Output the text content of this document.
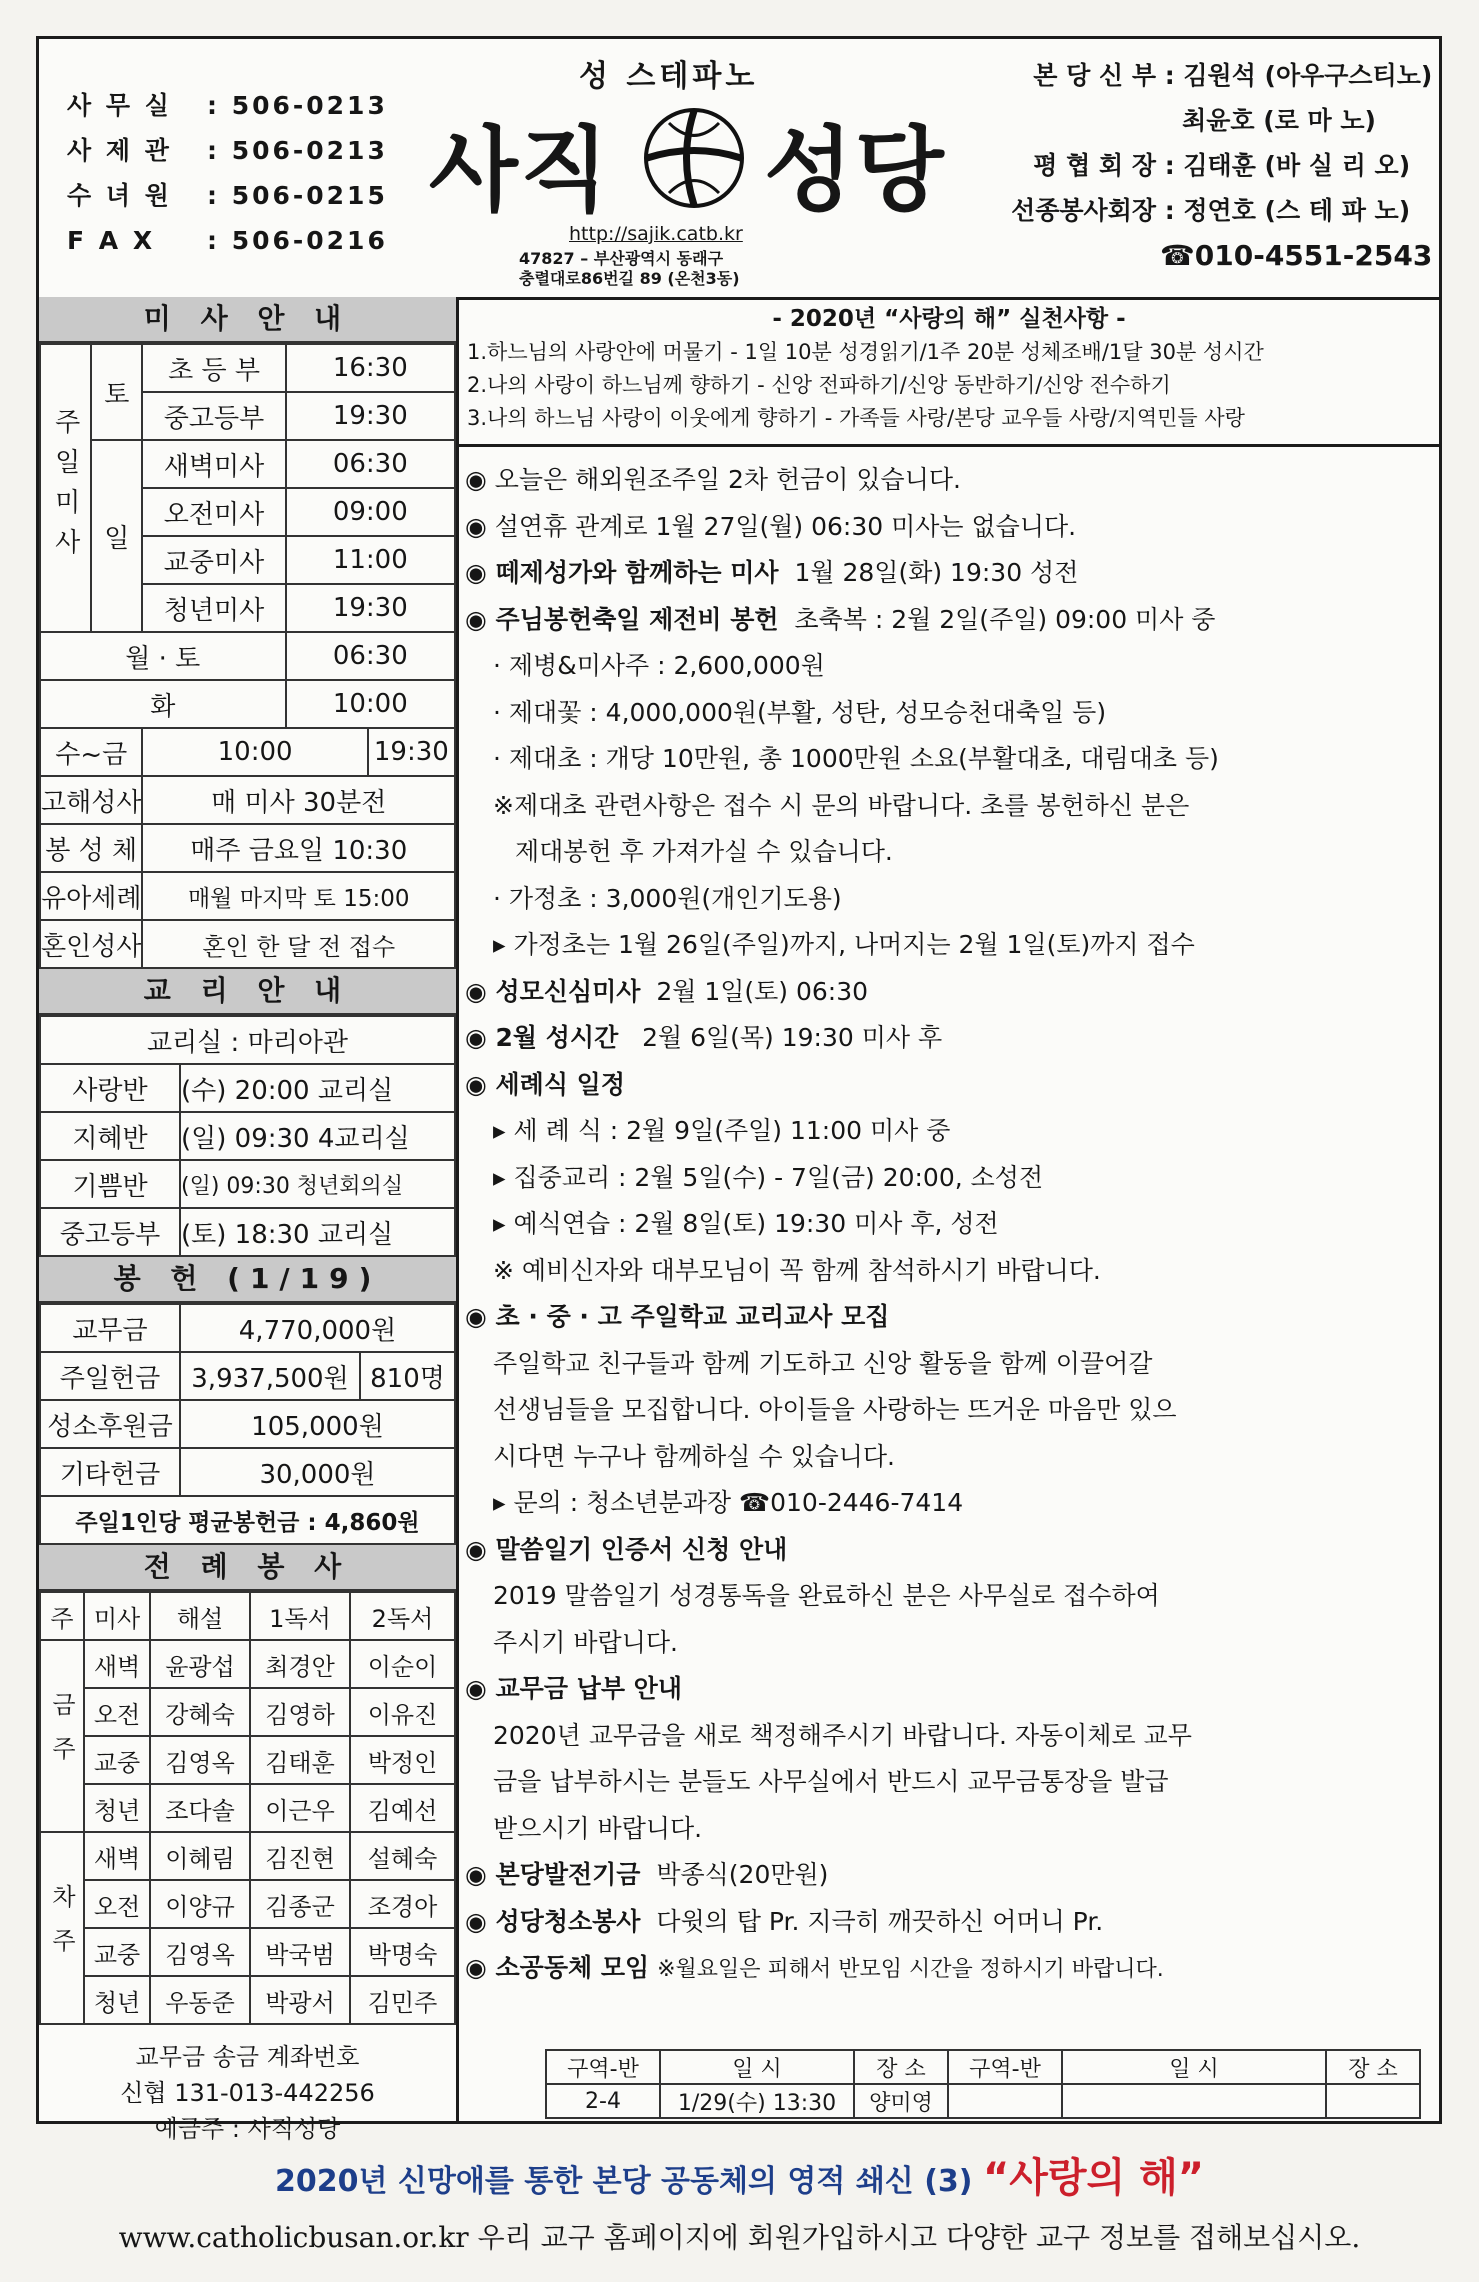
사 무 실 : 506-0213
사 제 관 : 506-0213
수 녀 원 : 506-0215
F A X : 506-0216
성 스테파노
사직 성당
http://sajik.catb.kr
47827 – 부산광역시 동래구
충렬대로86번길 89 (온천3동)
본 당 신 부 : 김원석 (아우구스티노)
최윤호 (로 마 노)
평 협 회 장 : 김태훈 (바 실 리 오)
선종봉사회장 : 정연호 (스 테 파 노)
☎010-4551-2543
미 사 안 내
주일미사	토	초 등 부	16:30	
		중고등부	19:30	
	일	새벽미사	06:30	
		오전미사	09:00	
		교중미사	11:00	
		청년미사	19:30	
월 · 토			06:30	
화			10:00	
수~금		10:00		19:30
고해성사		매 미사 30분전		
봉 성 체		매주 금요일 10:30		
유아세례		매월 마지막 토 15:00		
혼인성사		혼인 한 달 전 접수		
교 리 안 내
교리실 : 마리아관	
사랑반	(수) 20:00 교리실
지혜반	(일) 09:30 4교리실
기쁨반	(일) 09:30 청년회의실
중고등부	(토) 18:30 교리실
봉 헌 (1/19)
교무금	4,770,000원	
주일헌금	3,937,500원	810명
성소후원금	105,000원	
기타헌금	30,000원	
주일1인당 평균봉헌금 : 4,860원		
전 례 봉 사
주	미사	해설	1독서	2독서
금주	새벽	윤광섭	최경안	이순이
	오전	강혜숙	김영하	이유진
	교중	김영옥	김태훈	박정인
	청년	조다솔	이근우	김예선
차주	새벽	이혜림	김진현	설혜숙
	오전	이양규	김종군	조경아
	교중	김영옥	박국범	박명숙
	청년	우동준	박광서	김민주
교무금 송금 계좌번호
신협 131-013-442256
예금주 : 사직성당
- 2020년 “사랑의 해” 실천사항 -
1.하느님의 사랑안에 머물기 - 1일 10분 성경읽기/1주 20분 성체조배/1달 30분 성시간
2.나의 사랑이 하느님께 향하기 - 신앙 전파하기/신앙 동반하기/신앙 전수하기
3.나의 하느님 사랑이 이웃에게 향하기 - 가족들 사랑/본당 교우들 사랑/지역민들 사랑
◉ 오늘은 해외원조주일 2차 헌금이 있습니다.
◉ 설연휴 관계로 1월 27일(월) 06:30 미사는 없습니다.
◉ 떼제성가와 함께하는 미사 1월 28일(화) 19:30 성전
◉ 주님봉헌축일 제전비 봉헌 초축복 : 2월 2일(주일) 09:00 미사 중
· 제병&미사주 : 2,600,000원
· 제대꽃 : 4,000,000원(부활, 성탄, 성모승천대축일 등)
· 제대초 : 개당 10만원, 총 1000만원 소요(부활대초, 대림대초 등)
※제대초 관련사항은 접수 시 문의 바랍니다. 초를 봉헌하신 분은
제대봉헌 후 가져가실 수 있습니다.
· 가정초 : 3,000원(개인기도용)
▸ 가정초는 1월 26일(주일)까지, 나머지는 2월 1일(토)까지 접수
◉ 성모신심미사 2월 1일(토) 06:30
◉ 2월 성시간 2월 6일(목) 19:30 미사 후
◉ 세례식 일정
▸ 세 례 식 : 2월 9일(주일) 11:00 미사 중
▸ 집중교리 : 2월 5일(수) - 7일(금) 20:00, 소성전
▸ 예식연습 : 2월 8일(토) 19:30 미사 후, 성전
※ 예비신자와 대부모님이 꼭 함께 참석하시기 바랍니다.
◉ 초 · 중 · 고 주일학교 교리교사 모집
주일학교 친구들과 함께 기도하고 신앙 활동을 함께 이끌어갈
선생님들을 모집합니다. 아이들을 사랑하는 뜨거운 마음만 있으
시다면 누구나 함께하실 수 있습니다.
▸ 문의 : 청소년분과장 ☎010-2446-7414
◉ 말씀일기 인증서 신청 안내
2019 말씀일기 성경통독을 완료하신 분은 사무실로 접수하여
주시기 바랍니다.
◉ 교무금 납부 안내
2020년 교무금을 새로 책정해주시기 바랍니다. 자동이체로 교무
금을 납부하시는 분들도 사무실에서 반드시 교무금통장을 발급
받으시기 바랍니다.
◉ 본당발전기금 박종식(20만원)
◉ 성당청소봉사 다윗의 탑 Pr. 지극히 깨끗하신 어머니 Pr.
◉ 소공동체 모임 ※월요일은 피해서 반모임 시간을 정하시기 바랍니다.
구역-반	일 시	장 소	구역-반	일 시	장 소
2-4	1/29(수) 13:30	양미영			
2020년 신망애를 통한 본당 공동체의 영적 쇄신 (3) “사랑의 해”
www.catholicbusan.or.kr 우리 교구 홈페이지에 회원가입하시고 다양한 교구 정보를 접해보십시오.
